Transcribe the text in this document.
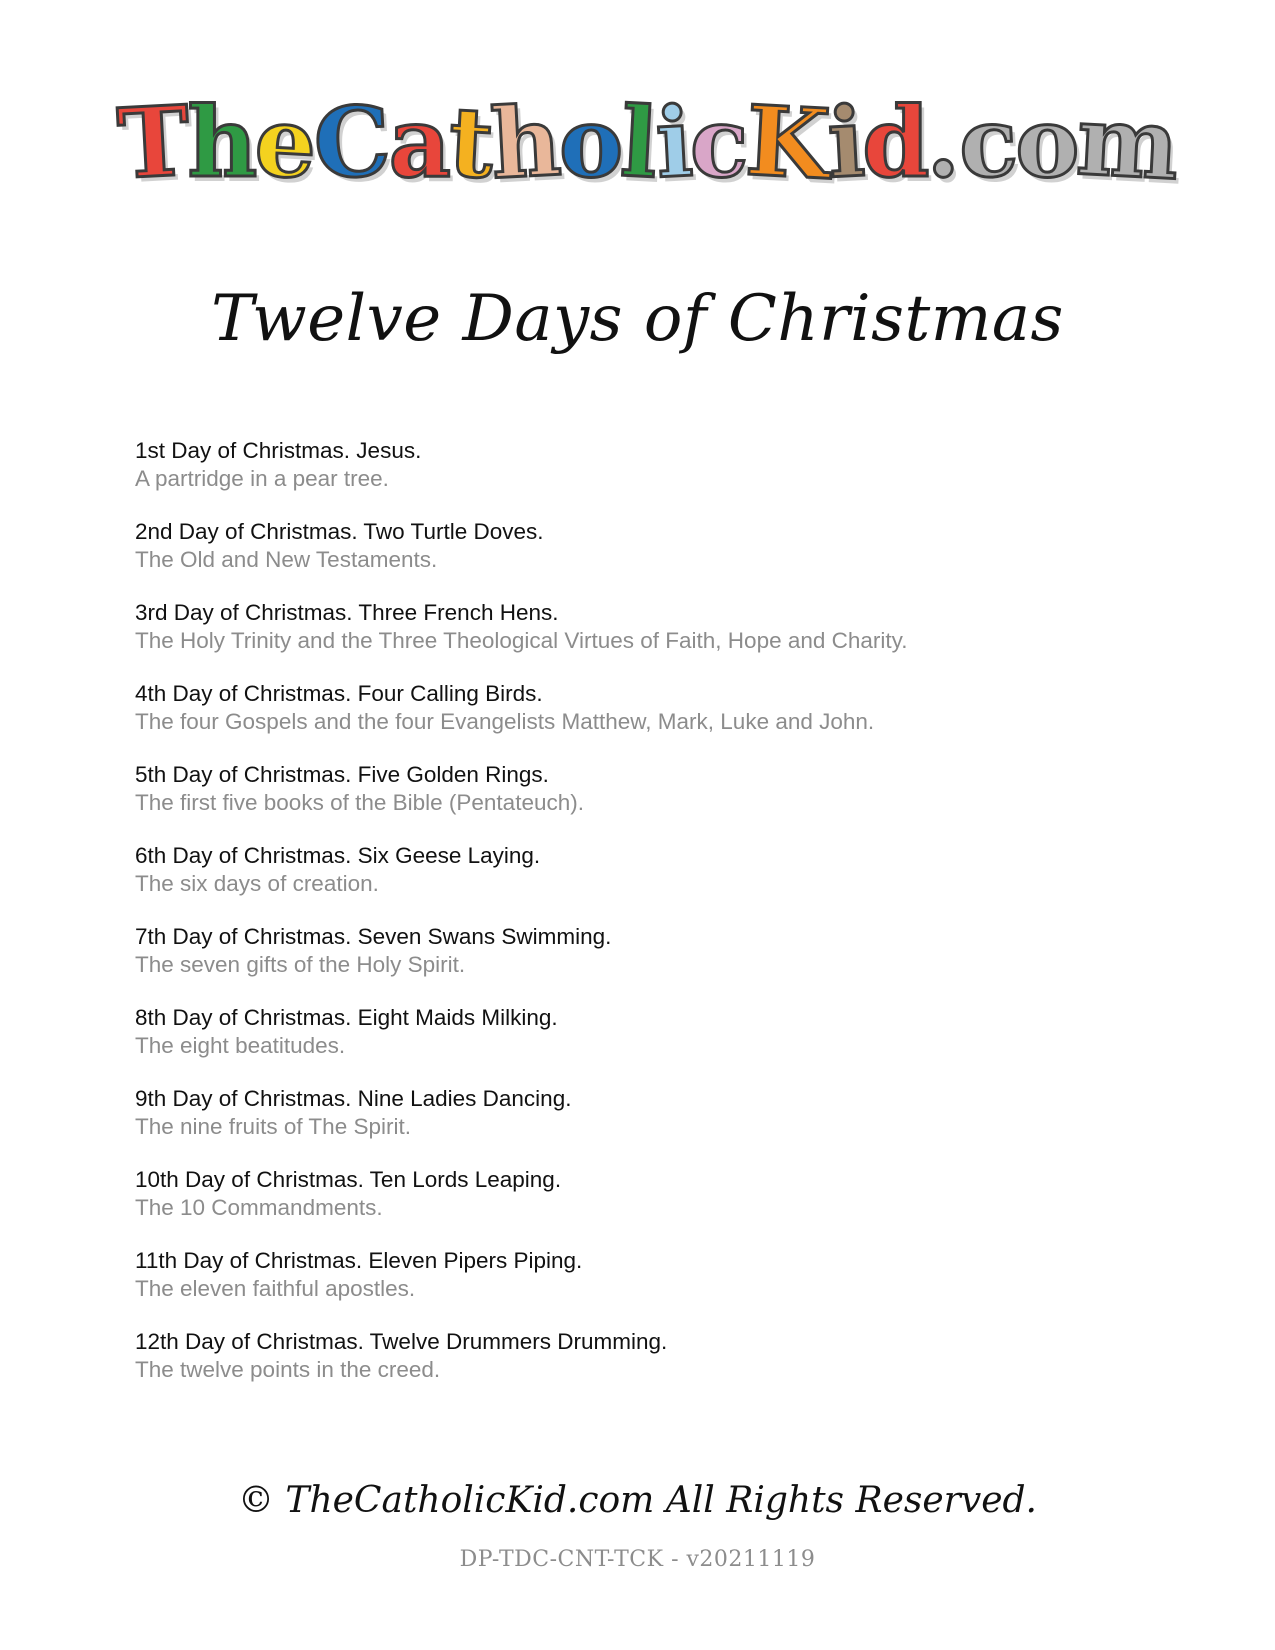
T
h
e
C
a
t
h
o
l
i
c
K
i
d
.
c
o
m
Twelve Days of Christmas
1st Day of Christmas. Jesus.
A partridge in a pear tree.
2nd Day of Christmas. Two Turtle Doves.
The Old and New Testaments.
3rd Day of Christmas. Three French Hens.
The Holy Trinity and the Three Theological Virtues of Faith, Hope and Charity.
4th Day of Christmas. Four Calling Birds.
The four Gospels and the four Evangelists Matthew, Mark, Luke and John.
5th Day of Christmas. Five Golden Rings.
The first five books of the Bible (Pentateuch).
6th Day of Christmas. Six Geese Laying.
The six days of creation.
7th Day of Christmas. Seven Swans Swimming.
The seven gifts of the Holy Spirit.
8th Day of Christmas. Eight Maids Milking.
The eight beatitudes.
9th Day of Christmas. Nine Ladies Dancing.
The nine fruits of The Spirit.
10th Day of Christmas. Ten Lords Leaping.
The 10 Commandments.
11th Day of Christmas. Eleven Pipers Piping.
The eleven faithful apostles.
12th Day of Christmas. Twelve Drummers Drumming.
The twelve points in the creed.
© TheCatholicKid.com All Rights Reserved.
DP-TDC-CNT-TCK - v20211119
